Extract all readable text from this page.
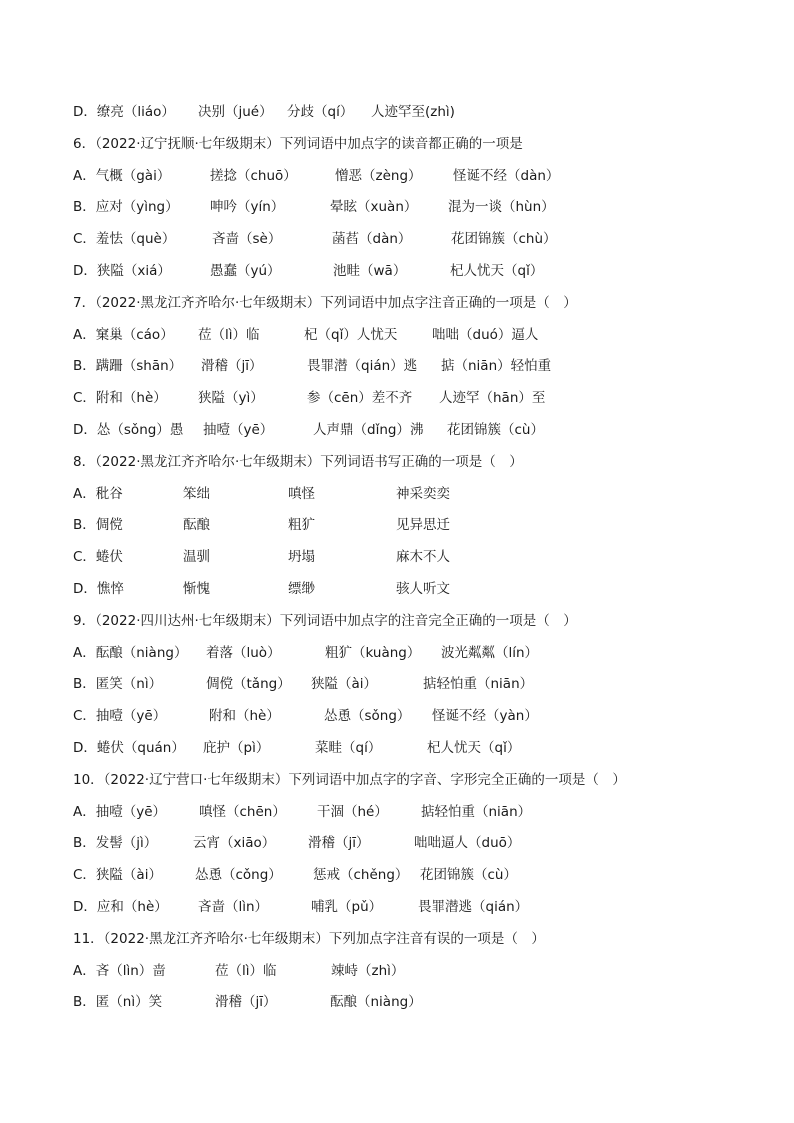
D．缭亮（liáo） 决别（jué） 分歧（qí） 人迹罕至(zhì)
6．（2022·辽宁抚顺·七年级期末）下列词语中加点字的读音都正确的一项是
A．气概（gài）	搓捻（chuō）	憎恶（zèng） 怪诞不经（dàn）
B．应对（yìng） 呻吟（yín）	晕眩（xuàn） 混为一谈（hùn）
C．羞怯（què）	吝啬（sè）	菡萏（dàn）	花团锦簇（chù）
D．狭隘（xiá）	愚蠢（yú）	池畦（wā）	杞人忧天（qǐ）
7．（2022·黑龙江齐齐哈尔·七年级期末）下列词语中加点字注音正确的一项是（　）
A．窠巢（cáo） 莅（lì）临	杞（qǐ）人忧天	咄咄（duó）逼人
B．蹒跚（shān） 滑稽（jī）	畏罪潜（qián）逃 掂（niān）轻怕重
C．附和（hè） 狭隘（yì）	参（cēn）差不齐 人迹罕（hān）至
D．怂（sǒng）愚 抽噎（yē）	人声鼎（dǐng）沸 花团锦簇（cù）
8．（2022·黑龙江齐齐哈尔·七年级期末）下列词语书写正确的一项是（　）
A．秕谷	笨绌	嗔怪	神采奕奕
B．倜傥	酝酿	粗犷	见异思迁
C．蜷伏	温驯	坍塌	麻木不人
D．憔悴	惭愧	缥缈	骇人听文
9．（2022·四川达州·七年级期末）下列词语中加点字的注音完全正确的一项是（　）
A．酝酿（niàng） 着落（luò）	粗犷（kuàng） 波光粼粼（lín）
B．匿笑（nì）	倜傥（tǎng） 狭隘（ài）	掂轻怕重（niān）
C．抽噎（yē）	附和（hè）	怂恿（sǒng） 怪诞不经（yàn）
D．蜷伏（quán） 庇护（pì）	菜畦（qí）	杞人忧天（qǐ）
10．（2022·辽宁营口·七年级期末）下列词语中加点字的字音、字形完全正确的一项是（　）
A．抽噎（yē） 嗔怪（chēn） 干涸（hé） 掂轻怕重（niān）
B．发髻（jì）	云宵（xiāo） 滑稽（jī）	咄咄逼人（duō）
C．狭隘（ài） 怂恿（cǒng） 惩戒（chěng） 花团锦簇（cù）
D．应和（hè） 吝啬（lìn）	哺乳（pǔ）	畏罪潜逃（qián）
11．（2022·黑龙江齐齐哈尔·七年级期末）下列加点字注音有误的一项是（　）
A．吝（lìn）啬	莅（lì）临	竦峙（zhì）
B．匿（nì）笑	滑稽（jī）	酝酿（niàng）
